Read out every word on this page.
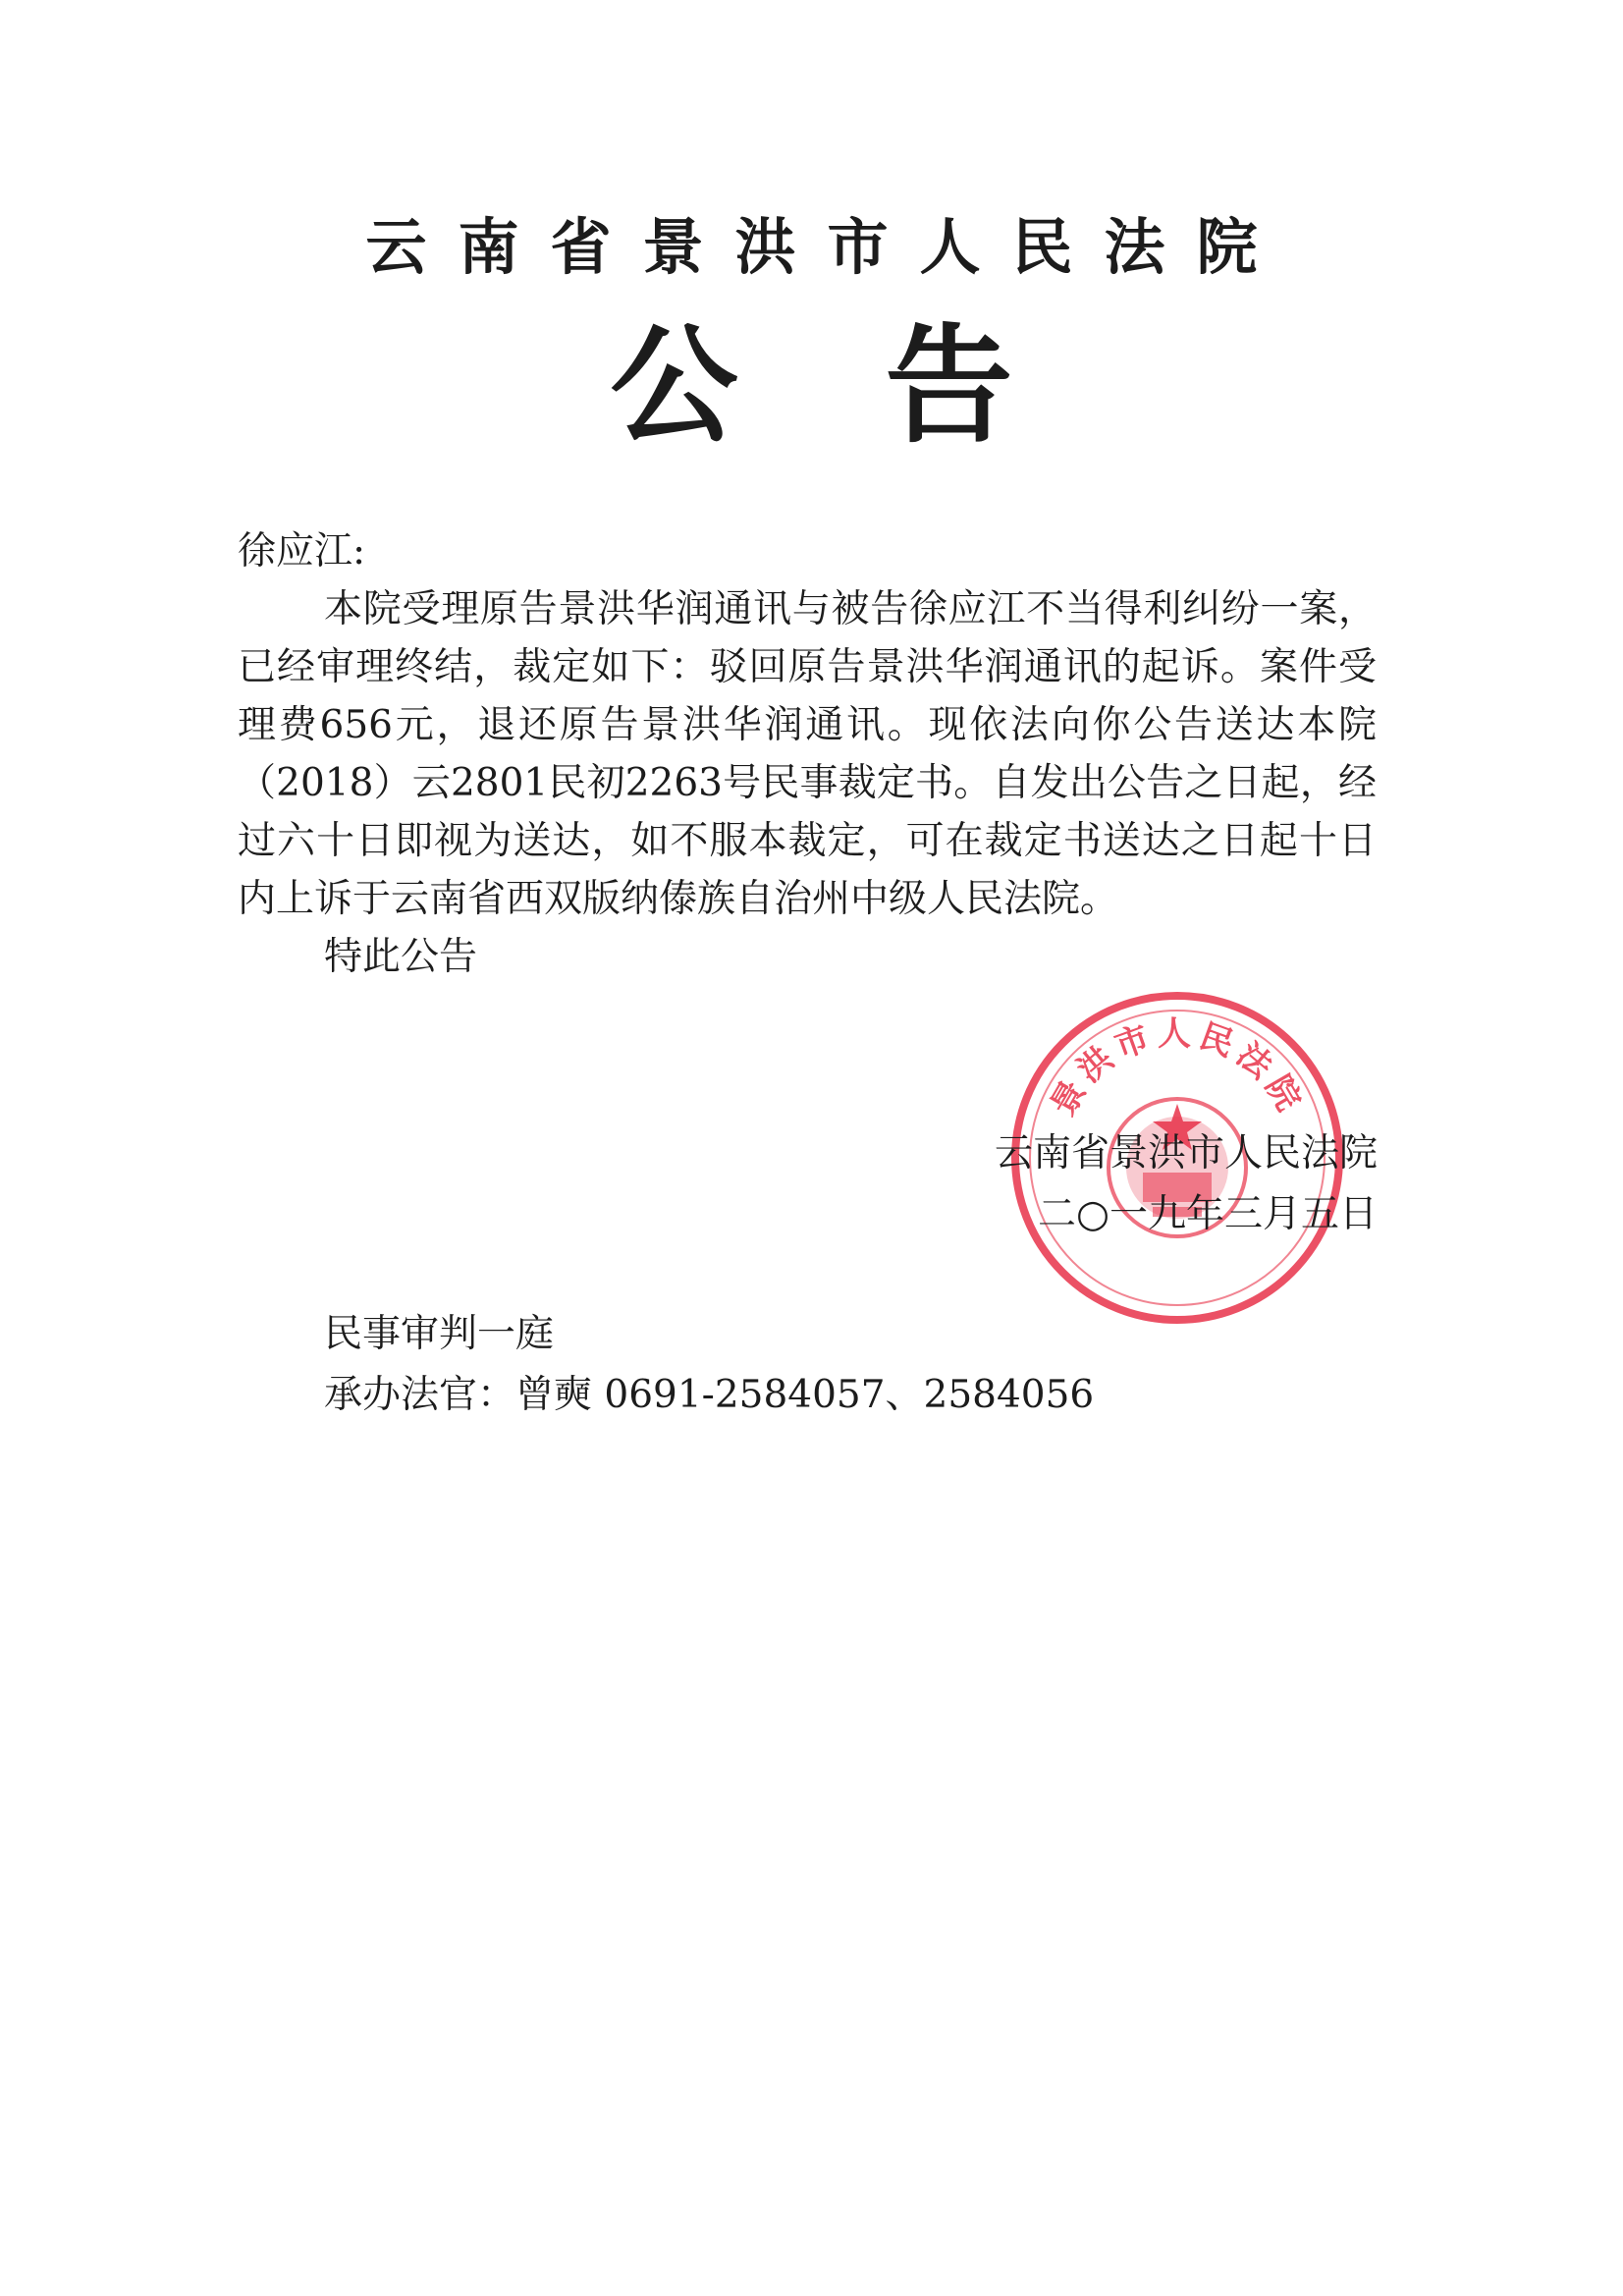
云南省景洪市人民法院
公告

徐应江:

本院受理原告景洪华润通讯与被告徐应江不当得利纠纷一案，已经审理终结，裁定如下：驳回原告景洪华润通讯的起诉。案件受理费656元，退还原告景洪华润通讯。现依法向你公告送达本院（2018）云2801民初2263号民事裁定书。自发出公告之日起，经过六十日即视为送达，如不服本裁定，可在裁定书送达之日起十日内上诉于云南省西双版纳傣族自治州中级人民法院。

特此公告

景洪市人民法院
云南省景洪市人民法院
二○一九年三月五日
民事审判一庭
承办法官：曾奭 0691-2584057、2584056
